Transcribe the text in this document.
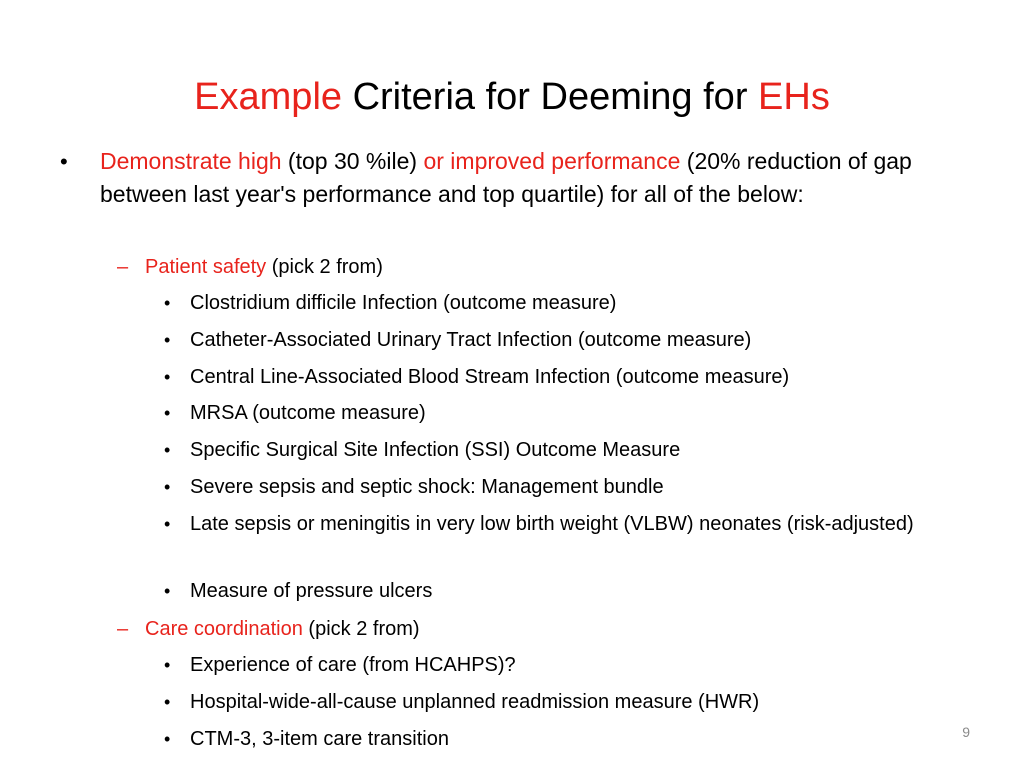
Example Criteria for Deeming for EHs
• Demonstrate high (top 30 %ile) or improved performance (20% reduction of gap between last year's performance and top quartile) for all of the below:
– Patient safety (pick 2 from)
• Clostridium difficile Infection (outcome measure)
• Catheter-Associated Urinary Tract Infection (outcome measure)
• Central Line-Associated Blood Stream Infection (outcome measure)
• MRSA (outcome measure)
• Specific Surgical Site Infection (SSI) Outcome Measure
• Severe sepsis and septic shock: Management bundle
• Late sepsis or meningitis in very low birth weight (VLBW) neonates (risk-adjusted)
• Measure of pressure ulcers
– Care coordination (pick 2 from)
• Experience of care (from HCAHPS)?
• Hospital-wide-all-cause unplanned readmission measure (HWR)
• CTM-3, 3-item care transition	9
